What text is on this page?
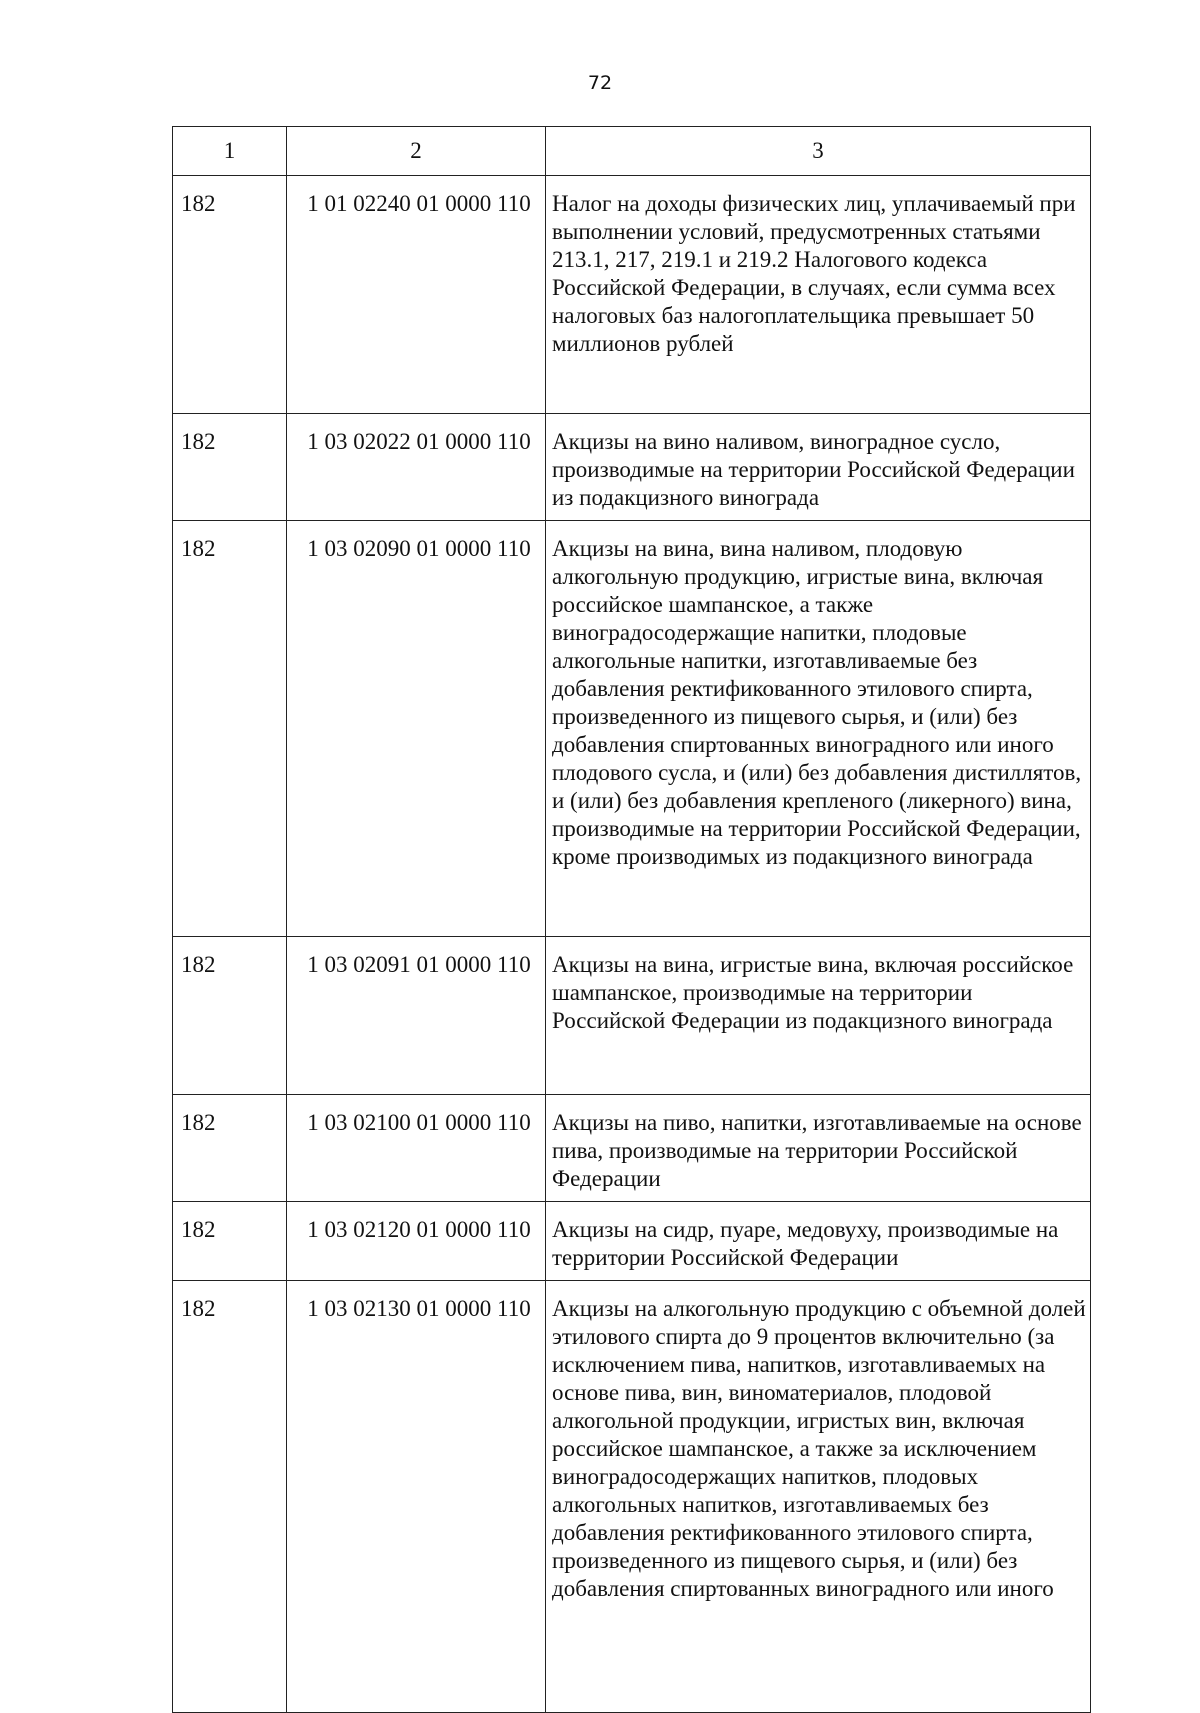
72
1	2	3
182	1 01 02240 01 0000 110	Налог на доходы физических лиц, уплачиваемый при выполнении условий, предусмотренных статьями 213.1, 217, 219.1 и 219.2 Налогового кодекса Российской Федерации, в случаях, если сумма всех налоговых баз налогоплательщика превышает 50 миллионов рублей
182	1 03 02022 01 0000 110	Акцизы на вино наливом, виноградное сусло, производимые на территории Российской Федерации из подакцизного винограда
182	1 03 02090 01 0000 110	Акцизы на вина, вина наливом, плодовую алкогольную продукцию, игристые вина, включая российское шампанское, а также виноградосодержащие напитки, плодовые алкогольные напитки, изготавливаемые без добавления ректификованного этилового спирта, произведенного из пищевого сырья, и (или) без добавления спиртованных виноградного или иного плодового сусла, и (или) без добавления дистиллятов, и (или) без добавления крепленого (ликерного) вина, производимые на территории Российской Федерации, кроме производимых из подакцизного винограда
182	1 03 02091 01 0000 110	Акцизы на вина, игристые вина, включая российское шампанское, производимые на территории Российской Федерации из подакцизного винограда
182	1 03 02100 01 0000 110	Акцизы на пиво, напитки, изготавливаемые на основе пива, производимые на территории Российской Федерации
182	1 03 02120 01 0000 110	Акцизы на сидр, пуаре, медовуху, производимые на территории Российской Федерации
182	1 03 02130 01 0000 110	Акцизы на алкогольную продукцию с объемной долей этилового спирта до 9 процентов включительно (за исключением пива, напитков, изготавливаемых на основе пива, вин, виноматериалов, плодовой алкогольной продукции, игристых вин, включая российское шампанское, а также за исключением виноградосодержащих напитков, плодовых алкогольных напитков, изготавливаемых без добавления ректификованного этилового спирта, произведенного из пищевого сырья, и (или) без добавления спиртованных виноградного или иного
